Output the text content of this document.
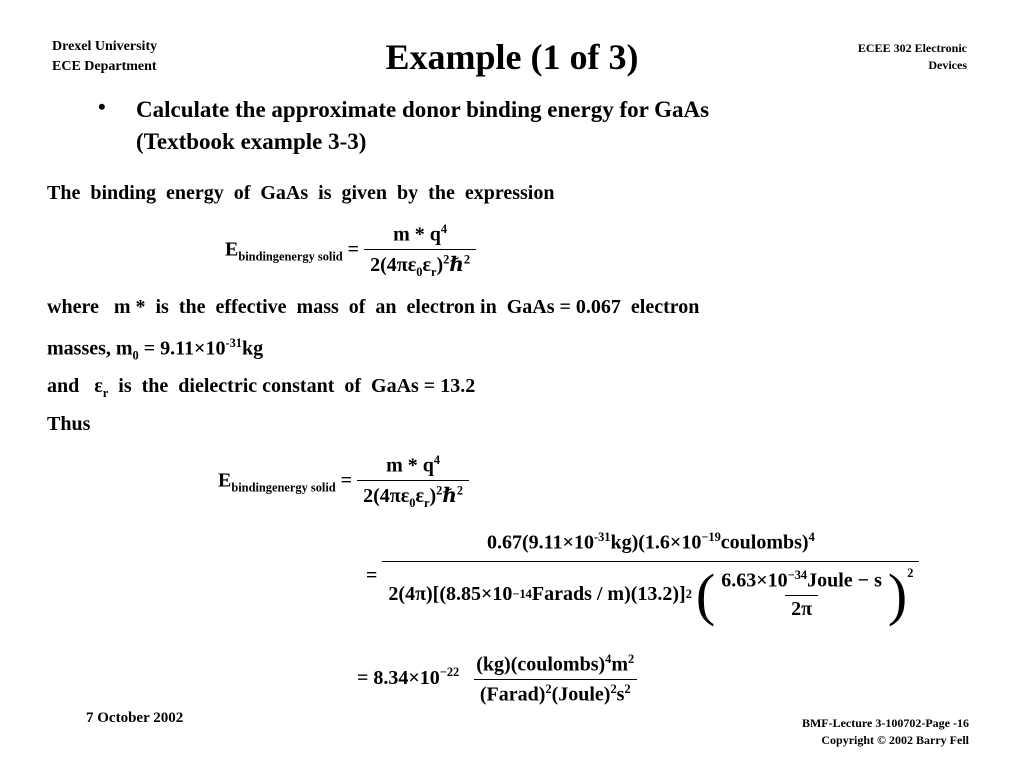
Drexel University
ECE Department	Example (1 of 3)	ECEE 302 Electronic
Devices
• Calculate the approximate donor binding energy for GaAs
(Textbook example 3-3)
The  binding  energy  of  GaAs  is  given  by  the  expression
$E_{bindingenergy solid} = \frac{m * q^4}{2(4\pi\varepsilon_0\varepsilon_r)^2\hbar^2}$
where   m *  is  the  effective  mass  of  an  electron in  GaAs = 0.067  electron
masses, $m_0 = 9.11\times 10^{-31}kg$
and   $\varepsilon_r$  is  the  dielectric constant  of  GaAs = 13.2
Thus
$E_{bindingenergy solid} = \frac{m * q^4}{2(4\pi\varepsilon_0\varepsilon_r)^2\hbar^2}$
=
$0.67(9.11\times 10^{-31}kg)(1.6\times 10^{-19}coulombs)^4$
2(4π)[(8.85×10 −14 Farads / m)(13.2)] 2 ( $\frac{6.63\times 10^{-34}Joule - s}{2\pi} )^2$
= $8.34\times 10^{-22} \frac{(kg)(coulombs)^4m^2}{(Farad)^2(Joule)^2s^2}$
7 October 2002	BMF-Lecture 3-100702-Page -16
Copyright © 2002 Barry Fell
